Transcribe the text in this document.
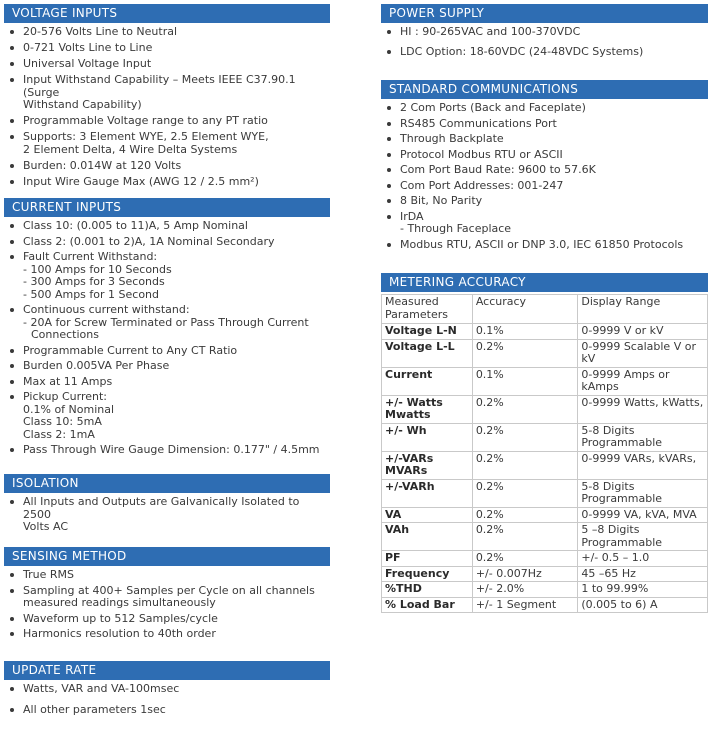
VOLTAGE INPUTS
20-576 Volts Line to Neutral
0-721 Volts Line to Line
Universal Voltage Input
Input Withstand Capability – Meets IEEE C37.90.1 (Surge
Withstand Capability)
Programmable Voltage range to any PT ratio
Supports: 3 Element WYE, 2.5 Element WYE,
2 Element Delta, 4 Wire Delta Systems
Burden: 0.014W at 120 Volts
Input Wire Gauge Max (AWG 12 / 2.5 mm²)
CURRENT INPUTS
Class 10: (0.005 to 11)A, 5 Amp Nominal
Class 2: (0.001 to 2)A, 1A Nominal Secondary
Fault Current Withstand:
- 100 Amps for 10 Seconds
- 300 Amps for 3 Seconds
- 500 Amps for 1 Second
Continuous current withstand:
- 20A for Screw Terminated or Pass Through Current
Connections
Programmable Current to Any CT Ratio
Burden 0.005VA Per Phase
Max at 11 Amps
Pickup Current:
0.1% of Nominal
Class 10: 5mA
Class 2: 1mA
Pass Through Wire Gauge Dimension: 0.177" / 4.5mm
ISOLATION
All Inputs and Outputs are Galvanically Isolated to 2500
Volts AC
SENSING METHOD
True RMS
Sampling at 400+ Samples per Cycle on all channels
measured readings simultaneously
Waveform up to 512 Samples/cycle
Harmonics resolution to 40th order
UPDATE RATE
Watts, VAR and VA-100msec
All other parameters 1sec
POWER SUPPLY
HI : 90-265VAC and 100-370VDC
LDC Option: 18-60VDC (24-48VDC Systems)
STANDARD COMMUNICATIONS
2 Com Ports (Back and Faceplate)
RS485 Communications Port
Through Backplate
Protocol Modbus RTU or ASCII
Com Port Baud Rate: 9600 to 57.6K
Com Port Addresses: 001-247
8 Bit, No Parity
IrDA
- Through Faceplace
Modbus RTU, ASCII or DNP 3.0, IEC 61850 Protocols
METERING ACCURACY
Measured Parameters	Accuracy	Display Range
Voltage L-N	0.1%	0-9999 V or kV
Voltage L-L	0.2%	0-9999 Scalable V or kV
Current	0.1%	0-9999 Amps or kAmps
+/- Watts Mwatts	0.2%	0-9999 Watts, kWatts,
+/- Wh	0.2%	5-8 Digits Programmable
+/-VARs MVARs	0.2%	0-9999 VARs, kVARs,
+/-VARh	0.2%	5-8 Digits Programmable
VA	0.2%	0-9999 VA, kVA, MVA
VAh	0.2%	5 –8 Digits Programmable
PF	0.2%	+/- 0.5 – 1.0
Frequency	+/- 0.007Hz	45 –65 Hz
%THD	+/- 2.0%	1 to 99.99%
% Load Bar	+/- 1 Segment	(0.005 to 6) A
